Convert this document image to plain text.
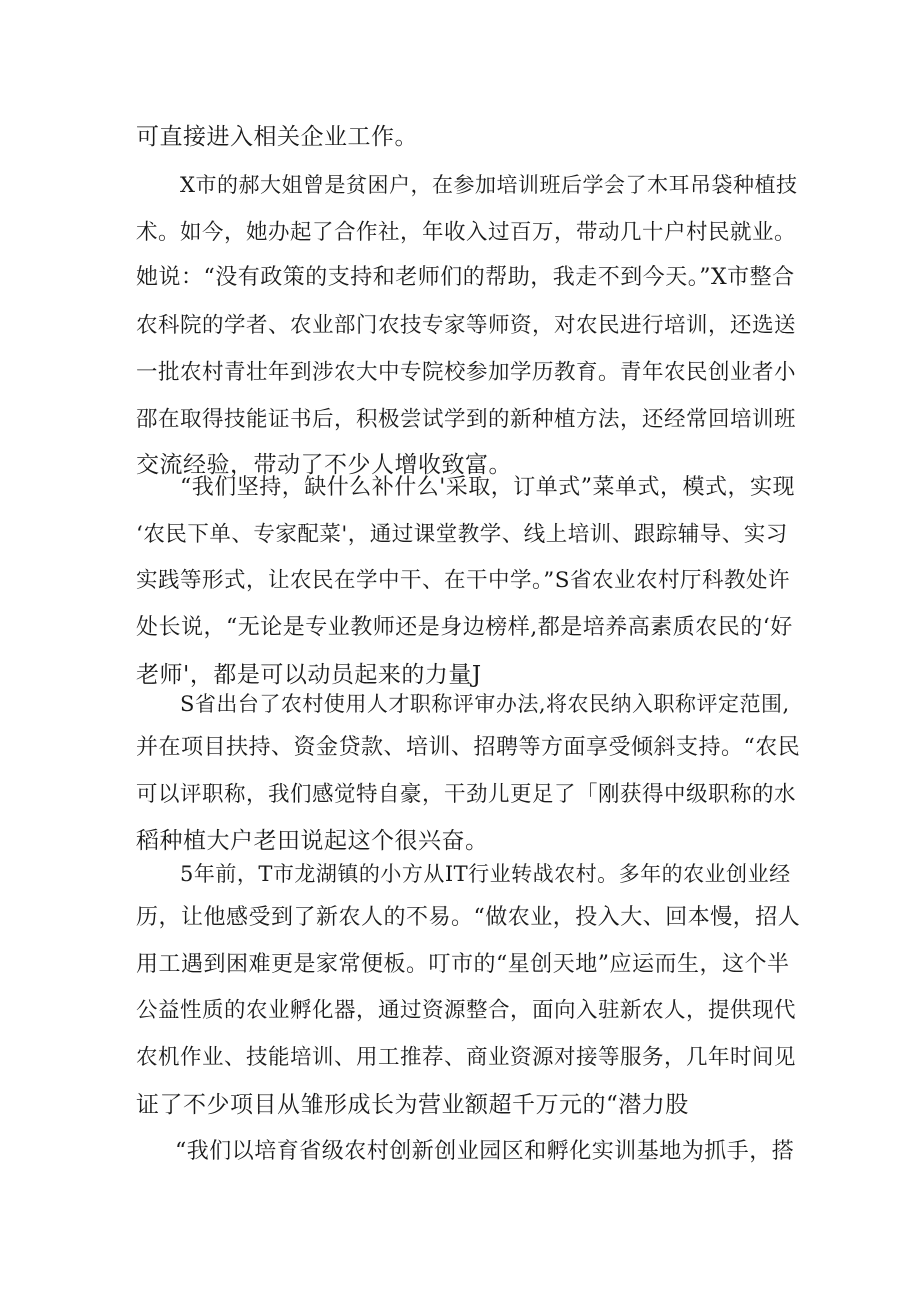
可直接进入相关企业工作。
X市的郝大姐曾是贫困户，在参加培训班后学会了木耳吊袋种植技
术。如今，她办起了合作社，年收入过百万，带动几十户村民就业。
她说：“没有政策的支持和老师们的帮助，我走不到今天。”X市整合
农科院的学者、农业部门农技专家等师资，对农民进行培训，还选送
一批农村青壮年到涉农大中专院校参加学历教育。青年农民创业者小
邵在取得技能证书后，积极尝试学到的新种植方法，还经常回培训班
交流经验，带动了不少人增收致富。
“我们坚持，缺什么补什么'采取，订单式”菜单式，模式，实现
‘农民下单、专家配菜'，通过课堂教学、线上培训、跟踪辅导、实习
实践等形式，让农民在学中干、在干中学。”S省农业农村厅科教处许
处长说，“无论是专业教师还是身边榜样,都是培养高素质农民的‘好
老师'，都是可以动员起来的力量J
S省出台了农村使用人才职称评审办法,将农民纳入职称评定范围,
并在项目扶持、资金贷款、培训、招聘等方面享受倾斜支持。“农民
可以评职称，我们感觉特自豪，干劲儿更足了「刚获得中级职称的水
稻种植大户老田说起这个很兴奋。
5年前，T市龙湖镇的小方从IT行业转战农村。多年的农业创业经
历，让他感受到了新农人的不易。“做农业，投入大、回本慢，招人
用工遇到困难更是家常便板。叮市的“星创天地”应运而生，这个半
公益性质的农业孵化器，通过资源整合，面向入驻新农人，提供现代
农机作业、技能培训、用工推荐、商业资源对接等服务，几年时间见
证了不少项目从雏形成长为营业额超千万元的“潜力股
“我们以培育省级农村创新创业园区和孵化实训基地为抓手，搭
